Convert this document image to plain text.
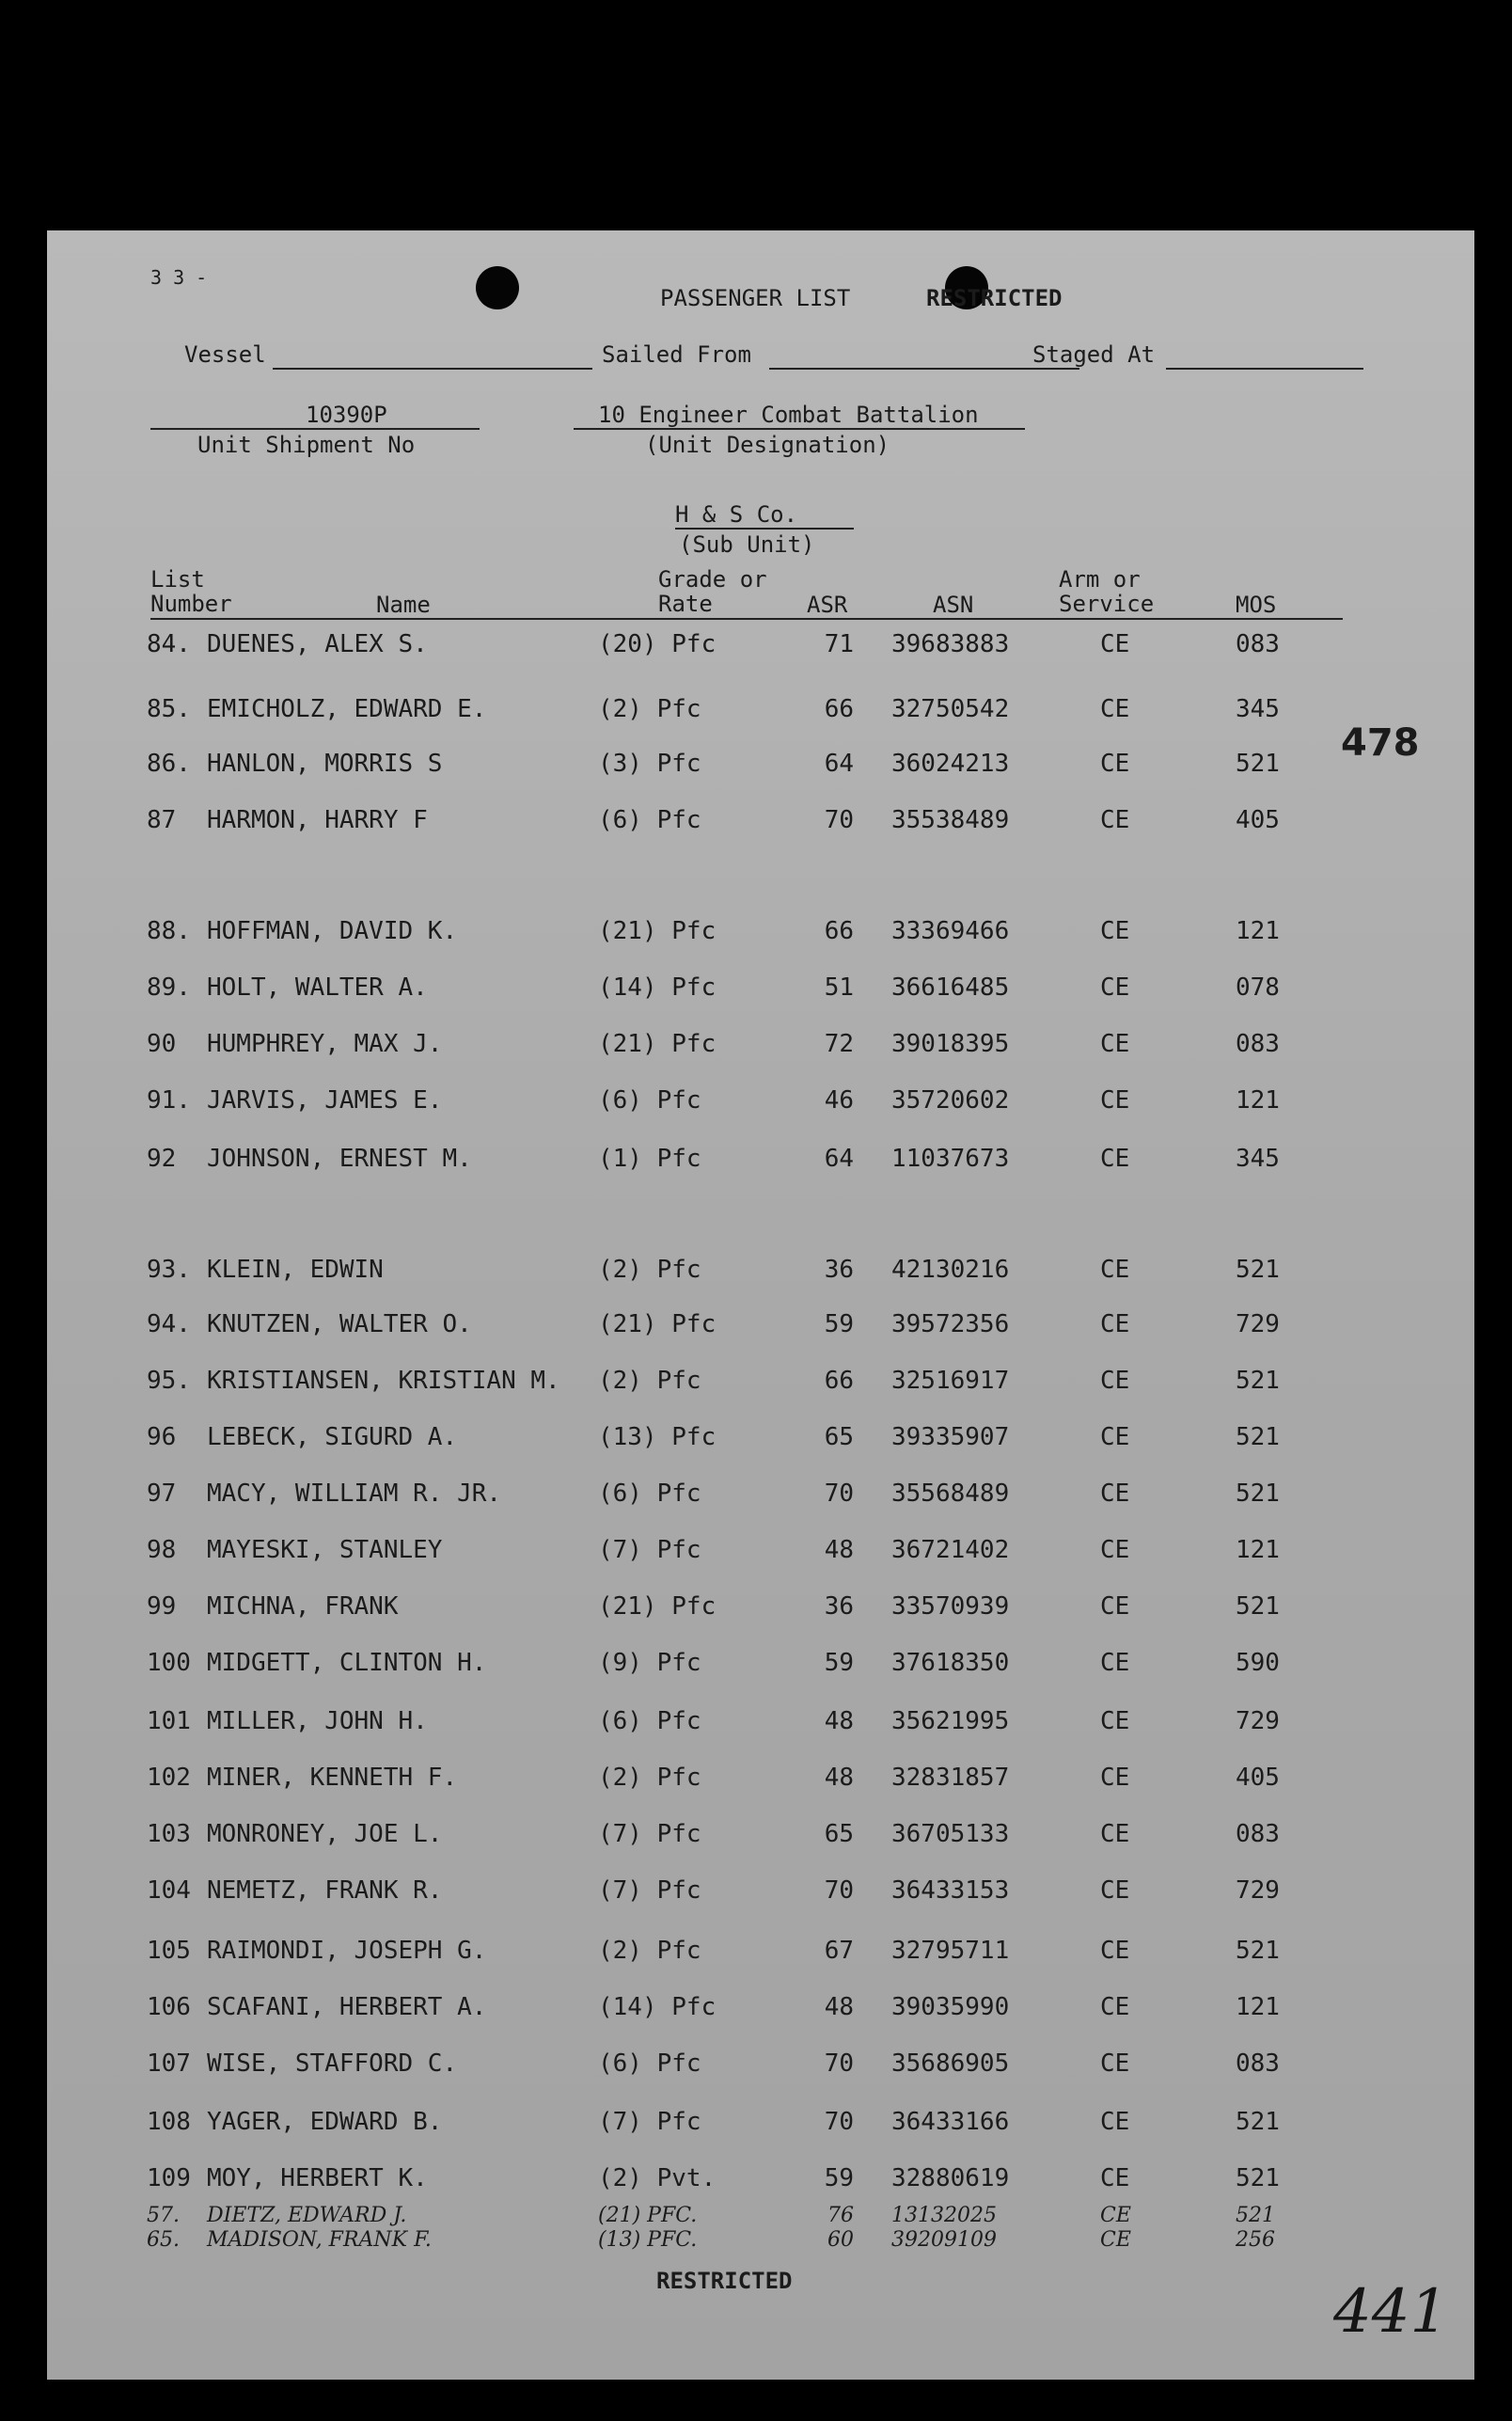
3 3 -
PASSENGER LIST	RESTRICTED
Vessel	Sailed From	Staged At
10390P
Unit Shipment No
10 Engineer Combat Battalion
(Unit Designation)
H & S Co.
(Sub Unit)
List Number	Name
Grade or Rate	ASR	ASN
Arm or Service	MOS
84. DUENES, ALEX S.	(20) Pfc	71 39683883	CE	083
85. EMICHOLZ, EDWARD E.	(2) Pfc	66 32750542	CE	345
86. HANLON, MORRIS S	(3) Pfc	64 36024213	CE	521
87 HARMON, HARRY F	(6) Pfc	70 35538489	CE	405
88. HOFFMAN, DAVID K.	(21) Pfc	66 33369466	CE	121
89. HOLT, WALTER A.	(14) Pfc	51 36616485	CE	078
90 HUMPHREY, MAX J.	(21) Pfc	72 39018395	CE	083
91. JARVIS, JAMES E.	(6) Pfc	46 35720602	CE	121
92 JOHNSON, ERNEST M.	(1) Pfc	64 11037673	CE	345
93. KLEIN, EDWIN	(2) Pfc	36 42130216	CE	521
94. KNUTZEN, WALTER O.	(21) Pfc	59 39572356	CE	729
95. KRISTIANSEN, KRISTIAN M. (2) Pfc	66 32516917	CE	521
96 LEBECK, SIGURD A.	(13) Pfc	65 39335907	CE	521
97 MACY, WILLIAM R. JR.	(6) Pfc	70 35568489	CE	521
98 MAYESKI, STANLEY	(7) Pfc	48 36721402	CE	121
99 MICHNA, FRANK	(21) Pfc	36 33570939	CE	521
100 MIDGETT, CLINTON H.	(9) Pfc	59 37618350	CE	590
101 MILLER, JOHN H.	(6) Pfc	48 35621995	CE	729
102 MINER, KENNETH F.	(2) Pfc	48 32831857	CE	405
103 MONRONEY, JOE L.	(7) Pfc	65 36705133	CE	083
104 NEMETZ, FRANK R.	(7) Pfc	70 36433153	CE	729
105 RAIMONDI, JOSEPH G.	(2) Pfc	67 32795711	CE	521
106 SCAFANI, HERBERT A.	(14) Pfc	48 39035990	CE	121
107 WISE, STAFFORD C.	(6) Pfc	70 35686905	CE	083
108 YAGER, EDWARD B.	(7) Pfc	70 36433166	CE	521
109 MOY, HERBERT K.	(2) Pvt.	59 32880619	CE	521
57. DIETZ, EDWARD J.	(21) PFC.	76 13132025	CE	521
65. MADISON, FRANK F.	(13) PFC.	60 39209109	CE	256
RESTRICTED
478
441
